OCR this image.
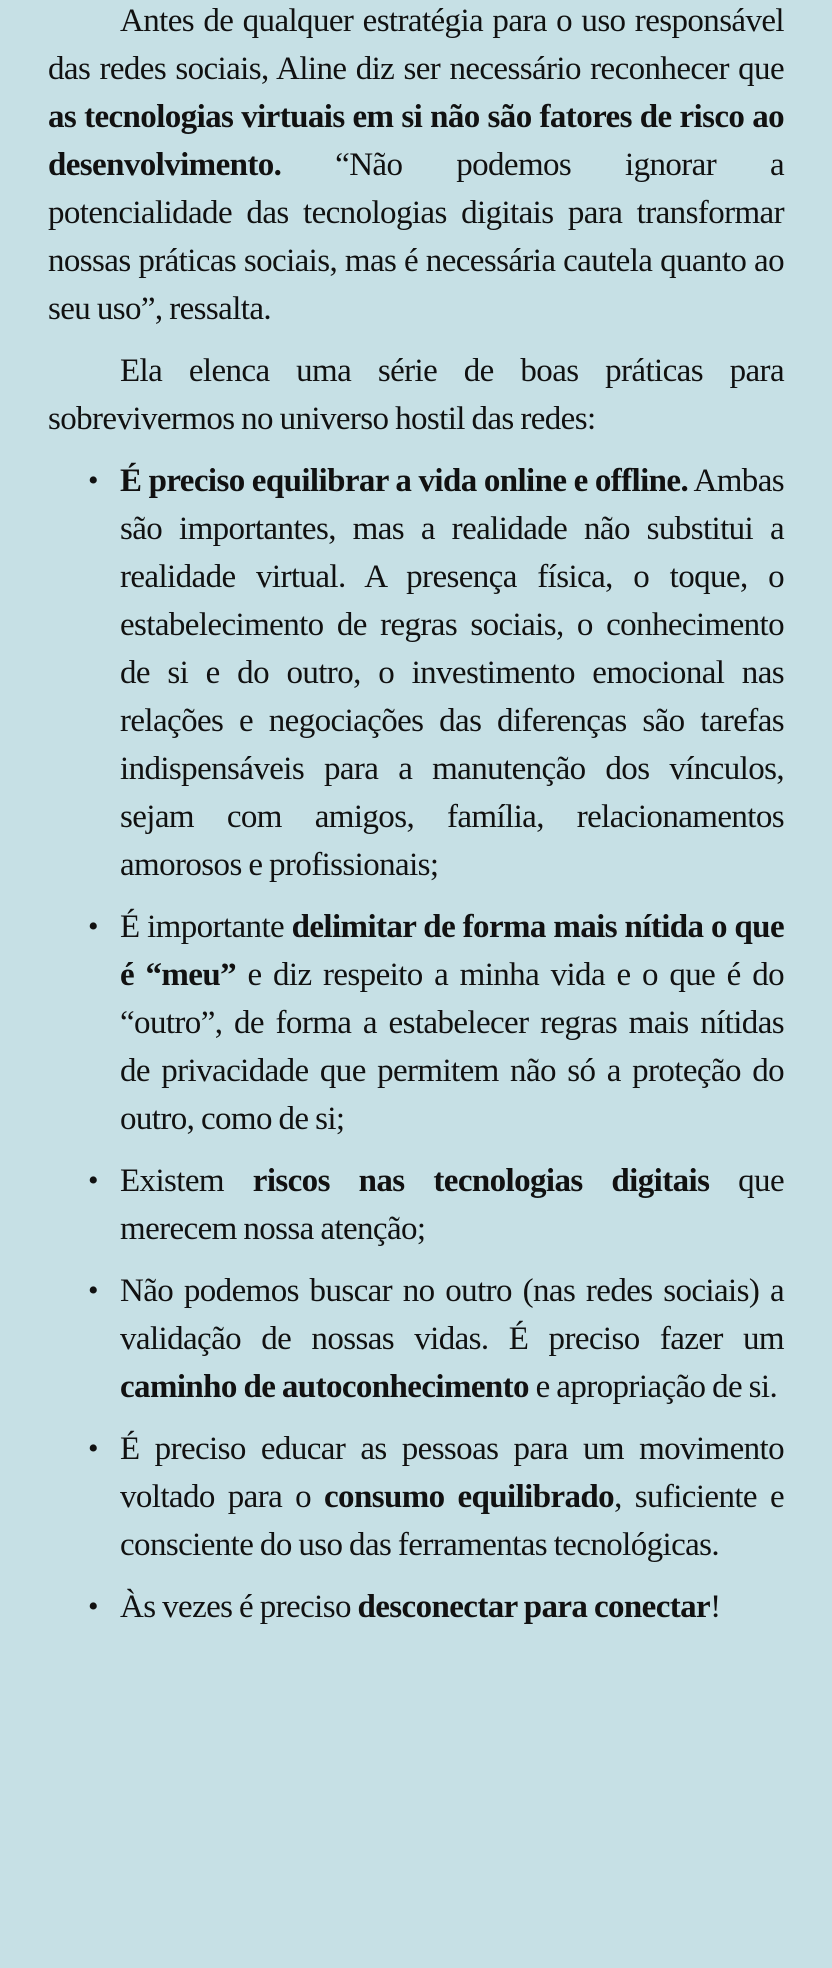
Antes de qualquer estratégia para o uso responsável das redes sociais, Aline diz ser necessário reconhecer que as tecnologias virtuais em si não são fatores de risco ao desenvolvimento. “Não podemos ignorar a potencialidade das tecnologias digitais para transformar nossas práticas sociais, mas é necessária cautela quanto ao seu uso”, ressalta.

Ela elenca uma série de boas práticas para sobrevivermos no universo hostil das redes:

• É preciso equilibrar a vida online e offline. Ambas são importantes, mas a realidade não substitui a realidade virtual. A presença física, o toque, o estabelecimento de regras sociais, o conhecimento de si e do outro, o investimento emocional nas relações e negociações das diferenças são tarefas indispensáveis para a manutenção dos vínculos, sejam com amigos, família, relacionamentos amorosos e profissionais;
• É importante delimitar de forma mais nítida o que é “meu” e diz respeito a minha vida e o que é do “outro”, de forma a estabelecer regras mais nítidas de privacidade que permitem não só a proteção do outro, como de si;
• Existem riscos nas tecnologias digitais que merecem nossa atenção;
• Não podemos buscar no outro (nas redes sociais) a validação de nossas vidas. É preciso fazer um caminho de autoconhecimento e apropriação de si.
• É preciso educar as pessoas para um movimento voltado para o consumo equilibrado, suficiente e consciente do uso das ferramentas tecnológicas.
• Às vezes é preciso desconectar para conectar!
